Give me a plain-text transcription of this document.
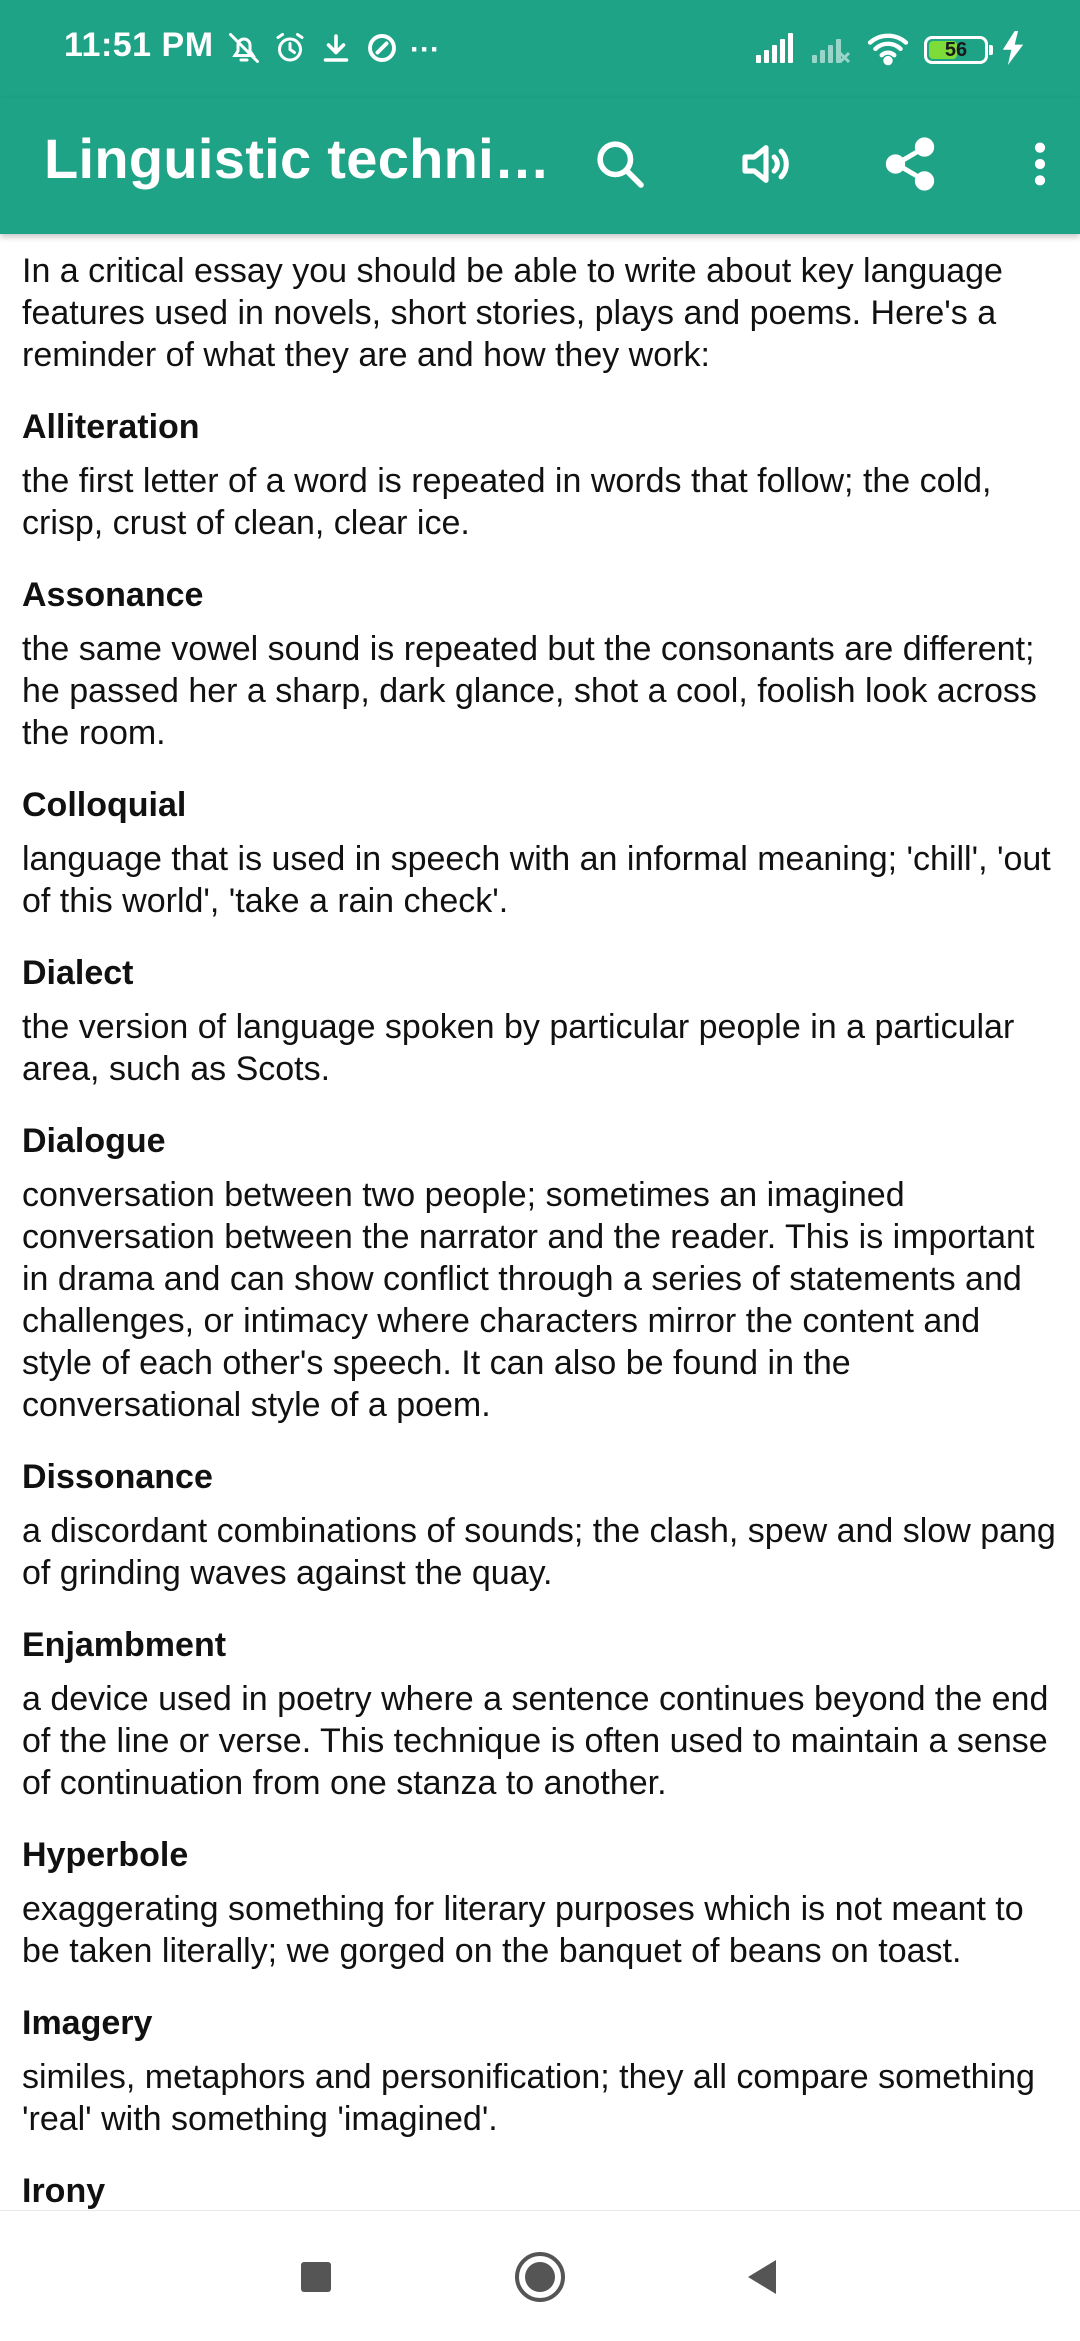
11:51 PM	···	56
Linguistic techni…

In a critical essay you should be able to write about key language features used in novels, short stories, plays and poems. Here's a reminder of what they are and how they work:

Alliteration
the first letter of a word is repeated in words that follow; the cold, crisp, crust of clean, clear ice.
Assonance
the same vowel sound is repeated but the consonants are different; he passed her a sharp, dark glance, shot a cool, foolish look across the room.
Colloquial
language that is used in speech with an informal meaning; 'chill', 'out of this world', 'take a rain check'.
Dialect
the version of language spoken by particular people in a particular area, such as Scots.
Dialogue
conversation between two people; sometimes an imagined conversation between the narrator and the reader. This is important in drama and can show conflict through a series of statements and challenges, or intimacy where characters mirror the content and style of each other's speech. It can also be found in the conversational style of a poem.
Dissonance
a discordant combinations of sounds; the clash, spew and slow pang of grinding waves against the quay.
Enjambment
a device used in poetry where a sentence continues beyond the end of the line or verse. This technique is often used to maintain a sense of continuation from one stanza to another.
Hyperbole
exaggerating something for literary purposes which is not meant to be taken literally; we gorged on the banquet of beans on toast.
Imagery
similes, metaphors and personification; they all compare something 'real' with something 'imagined'.
Irony
